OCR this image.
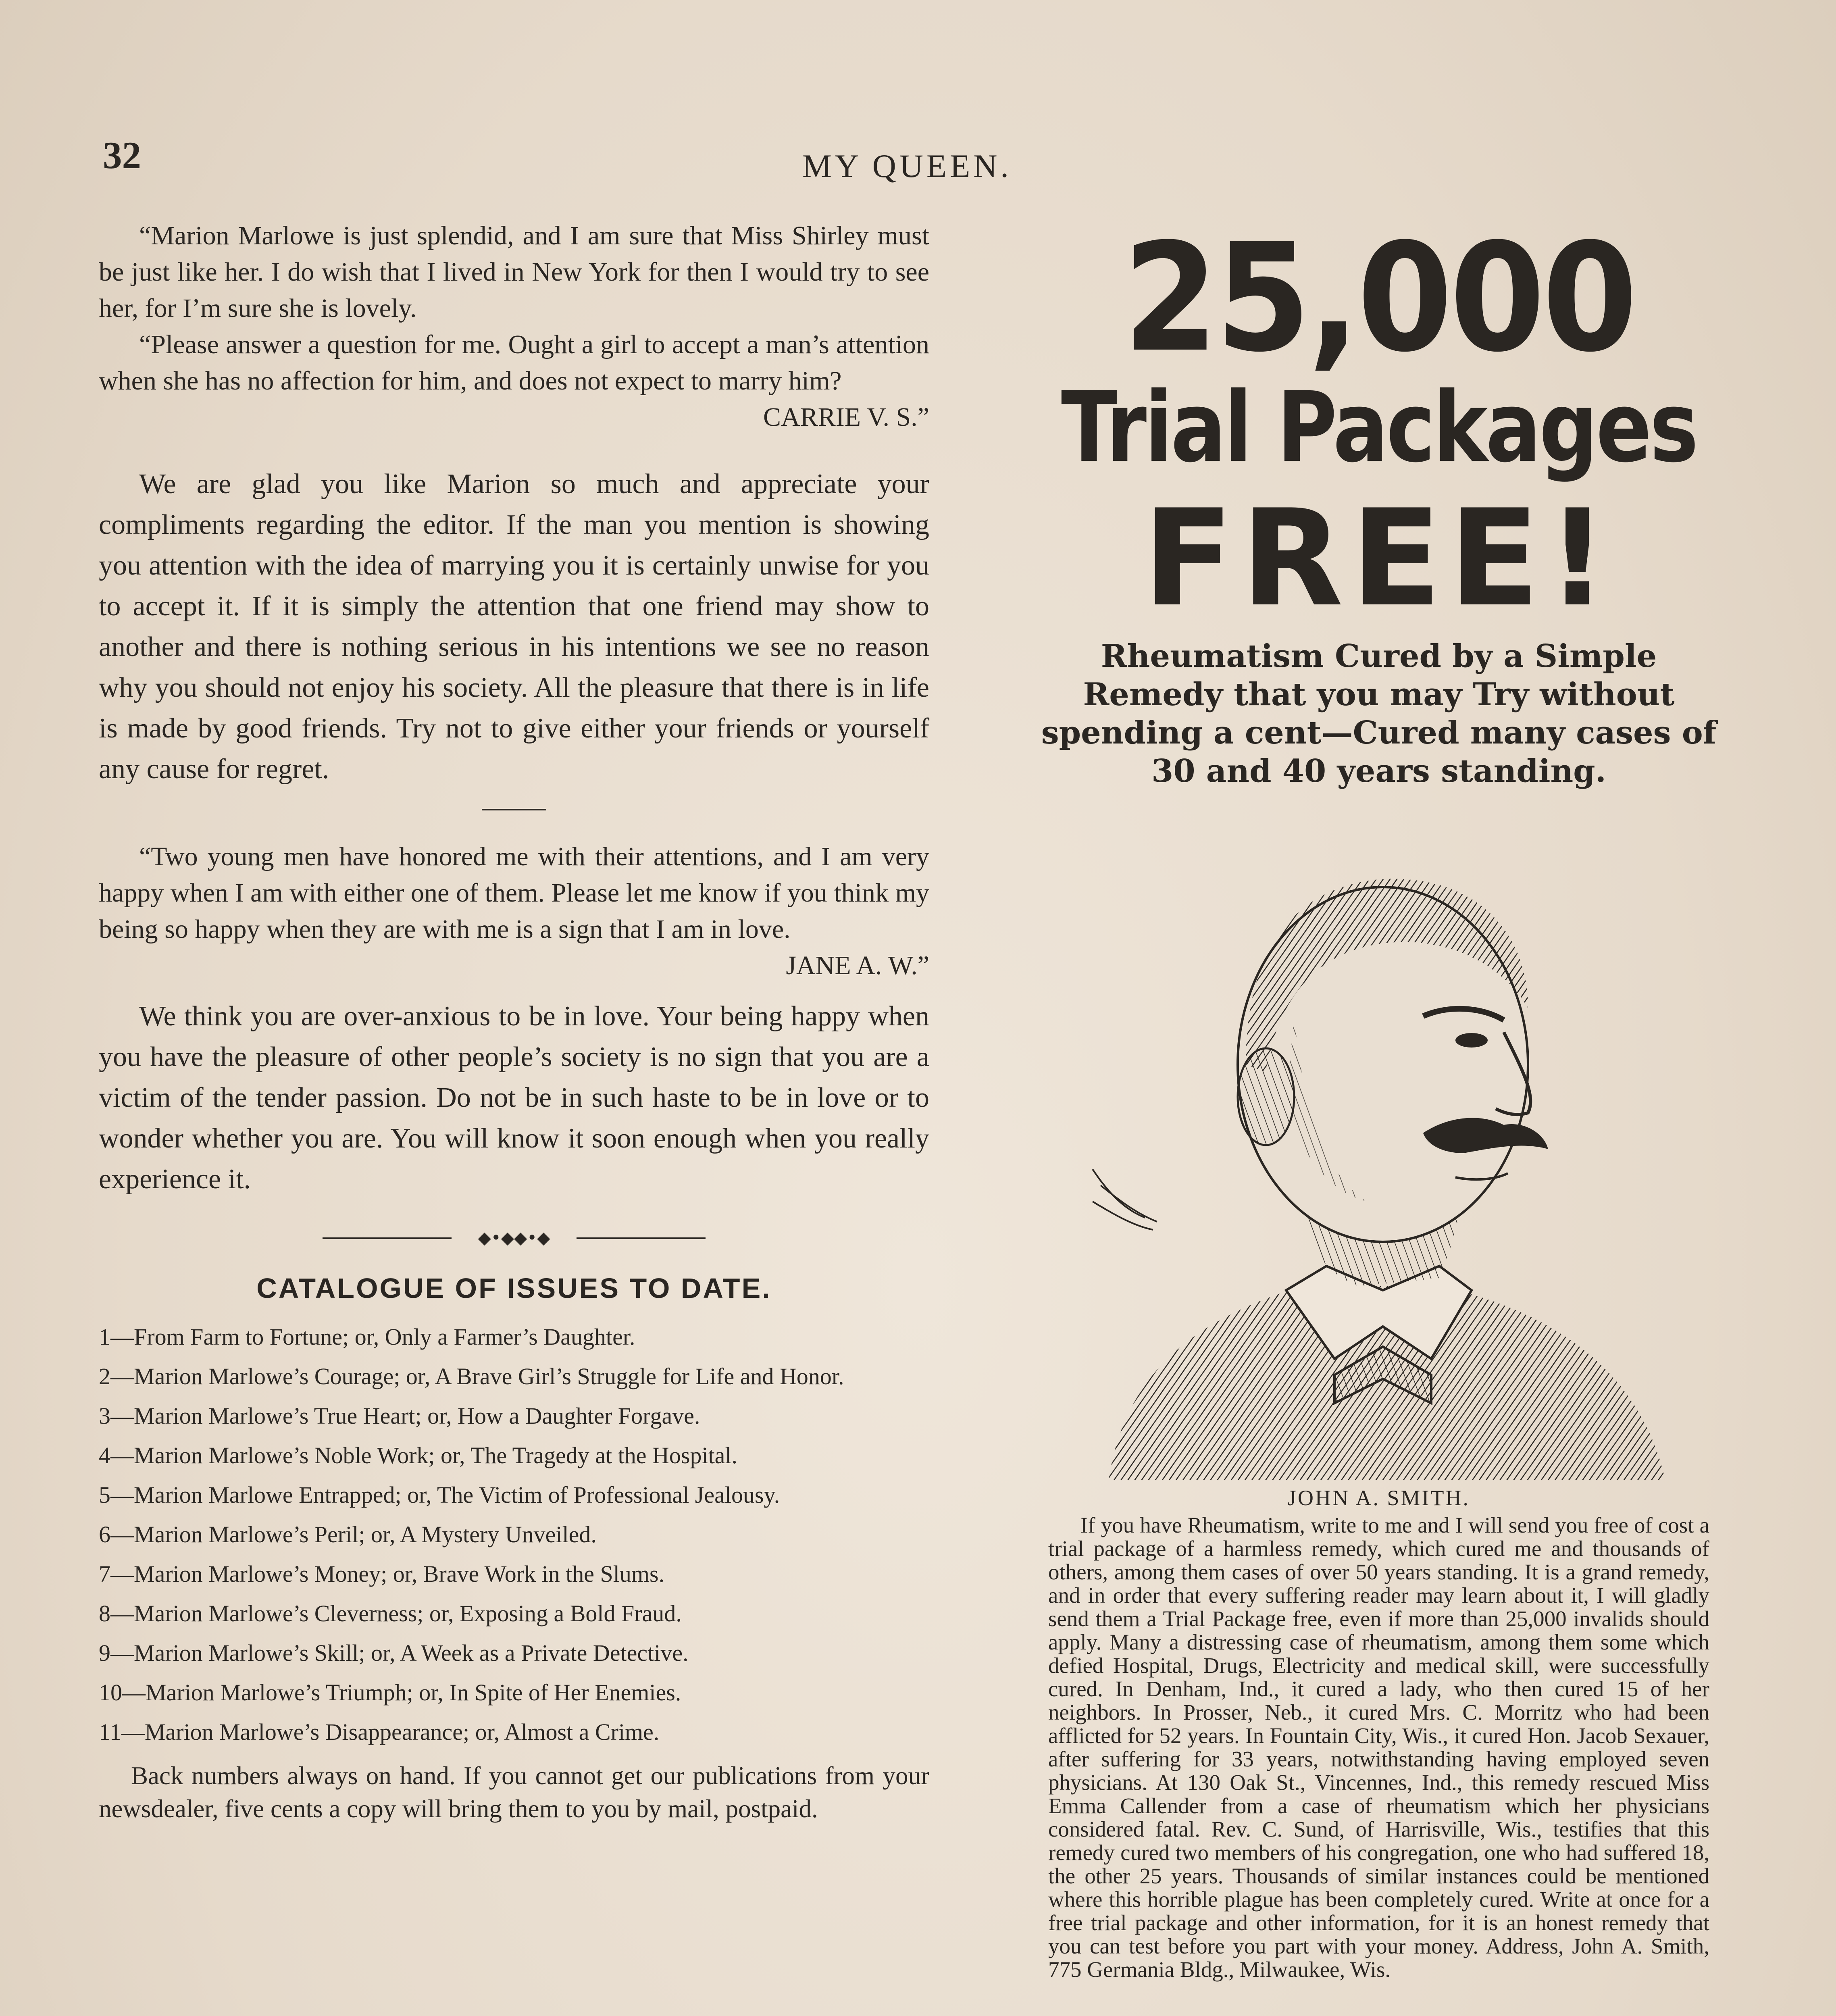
32	MY QUEEN.

“Marion Marlowe is just splendid, and I am sure that Miss Shirley must be just like her. I do wish that I lived in New York for then I would try to see her, for I’m sure she is lovely.

“Please answer a question for me. Ought a girl to accept a man’s attention when she has no affection for him, and does not expect to marry him?
CARRIE V. S.”

We are glad you like Marion so much and appreciate your compliments regarding the editor. If the man you mention is showing you attention with the idea of marrying you it is certainly unwise for you to accept it. If it is simply the attention that one friend may show to another and there is nothing serious in his intentions we see no reason why you should not enjoy his society. All the pleasure that there is in life is made by good friends. Try not to give either your friends or yourself any cause for regret.

“Two young men have honored me with their attentions, and I am very happy when I am with either one of them. Please let me know if you think my being so happy when they are with me is a sign that I am in love.
JANE A. W.”

We think you are over-anxious to be in love. Your being happy when you have the pleasure of other people’s society is no sign that you are a victim of the tender passion. Do not be in such haste to be in love or to wonder whether you are. You will know it soon enough when you really experience it.

◆•◆◆•◆
CATALOGUE OF ISSUES TO DATE.
1—From Farm to Fortune; or, Only a Farmer’s Daughter.
2—Marion Marlowe’s Courage; or, A Brave Girl’s Struggle for Life and Honor.
3—Marion Marlowe’s True Heart; or, How a Daughter Forgave.
4—Marion Marlowe’s Noble Work; or, The Tragedy at the Hospital.
5—Marion Marlowe Entrapped; or, The Victim of Professional Jealousy.
6—Marion Marlowe’s Peril; or, A Mystery Unveiled.
7—Marion Marlowe’s Money; or, Brave Work in the Slums.
8—Marion Marlowe’s Cleverness; or, Exposing a Bold Fraud.
9—Marion Marlowe’s Skill; or, A Week as a Private Detective.
10—Marion Marlowe’s Triumph; or, In Spite of Her Enemies.
11—Marion Marlowe’s Disappearance; or, Almost a Crime.

Back numbers always on hand. If you cannot get our publications from your newsdealer, five cents a copy will bring them to you by mail, postpaid.

25,000
Trial Packages
FREE!
Rheumatism Cured by a Simple Remedy that you may Try without spending a cent—Cured many cases of 30 and 40 years standing.
JOHN A. SMITH.
If you have Rheumatism, write to me and I will send you free of cost a trial package of a harmless remedy, which cured me and thousands of others, among them cases of over 50 years standing. It is a grand remedy, and in order that every suffering reader may learn about it, I will gladly send them a Trial Package free, even if more than 25,000 invalids should apply. Many a distressing case of rheumatism, among them some which defied Hospital, Drugs, Electricity and medical skill, were successfully cured. In Denham, Ind., it cured a lady, who then cured 15 of her neighbors. In Prosser, Neb., it cured Mrs. C. Morritz who had been afflicted for 52 years. In Fountain City, Wis., it cured Hon. Jacob Sexauer, after suffering for 33 years, notwithstanding having employed seven physicians. At 130 Oak St., Vincennes, Ind., this remedy rescued Miss Emma Callender from a case of rheumatism which her physicians considered fatal. Rev. C. Sund, of Harrisville, Wis., testifies that this remedy cured two members of his congregation, one who had suffered 18, the other 25 years. Thousands of similar instances could be mentioned where this horrible plague has been completely cured. Write at once for a free trial package and other information, for it is an honest remedy that you can test before you part with your money. Address, John A. Smith, 775 Germania Bldg., Milwaukee, Wis.
